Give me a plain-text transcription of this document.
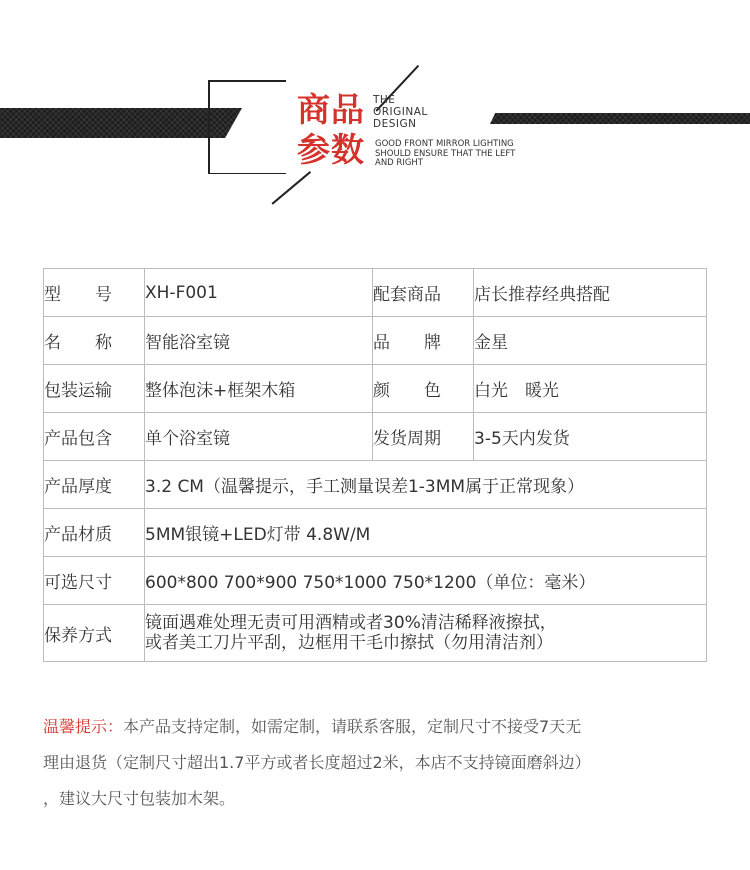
商品
参数
THE
ORIGINAL
DESIGN
GOOD FRONT MIRROR LIGHTING
SHOULD ENSURE THAT THE LEFT
AND RIGHT
型　　号	XH-F001	配套商品	店长推荐经典搭配
名　　称	智能浴室镜	品　　牌	金星
包装运输	整体泡沫+框架木箱	颜　　色	白光　暖光
产品包含	单个浴室镜	发货周期	3-5天内发货
产品厚度	3.2 CM（温馨提示，手工测量误差1-3MM属于正常现象）		
产品材质	5MM银镜+LED灯带 4.8W/M		
可选尺寸	600*800 700*900 750*1000 750*1200（单位：毫米）		
保养方式	镜面遇难处理无责可用酒精或者30%清洁稀释液擦拭，
或者美工刀片平刮，边框用干毛巾擦拭（勿用清洁剂）		
温馨提示：本产品支持定制，如需定制，请联系客服，定制尺寸不接受7天无
理由退货（定制尺寸超出1.7平方或者长度超过2米，本店不支持镜面磨斜边）
，建议大尺寸包装加木架。
